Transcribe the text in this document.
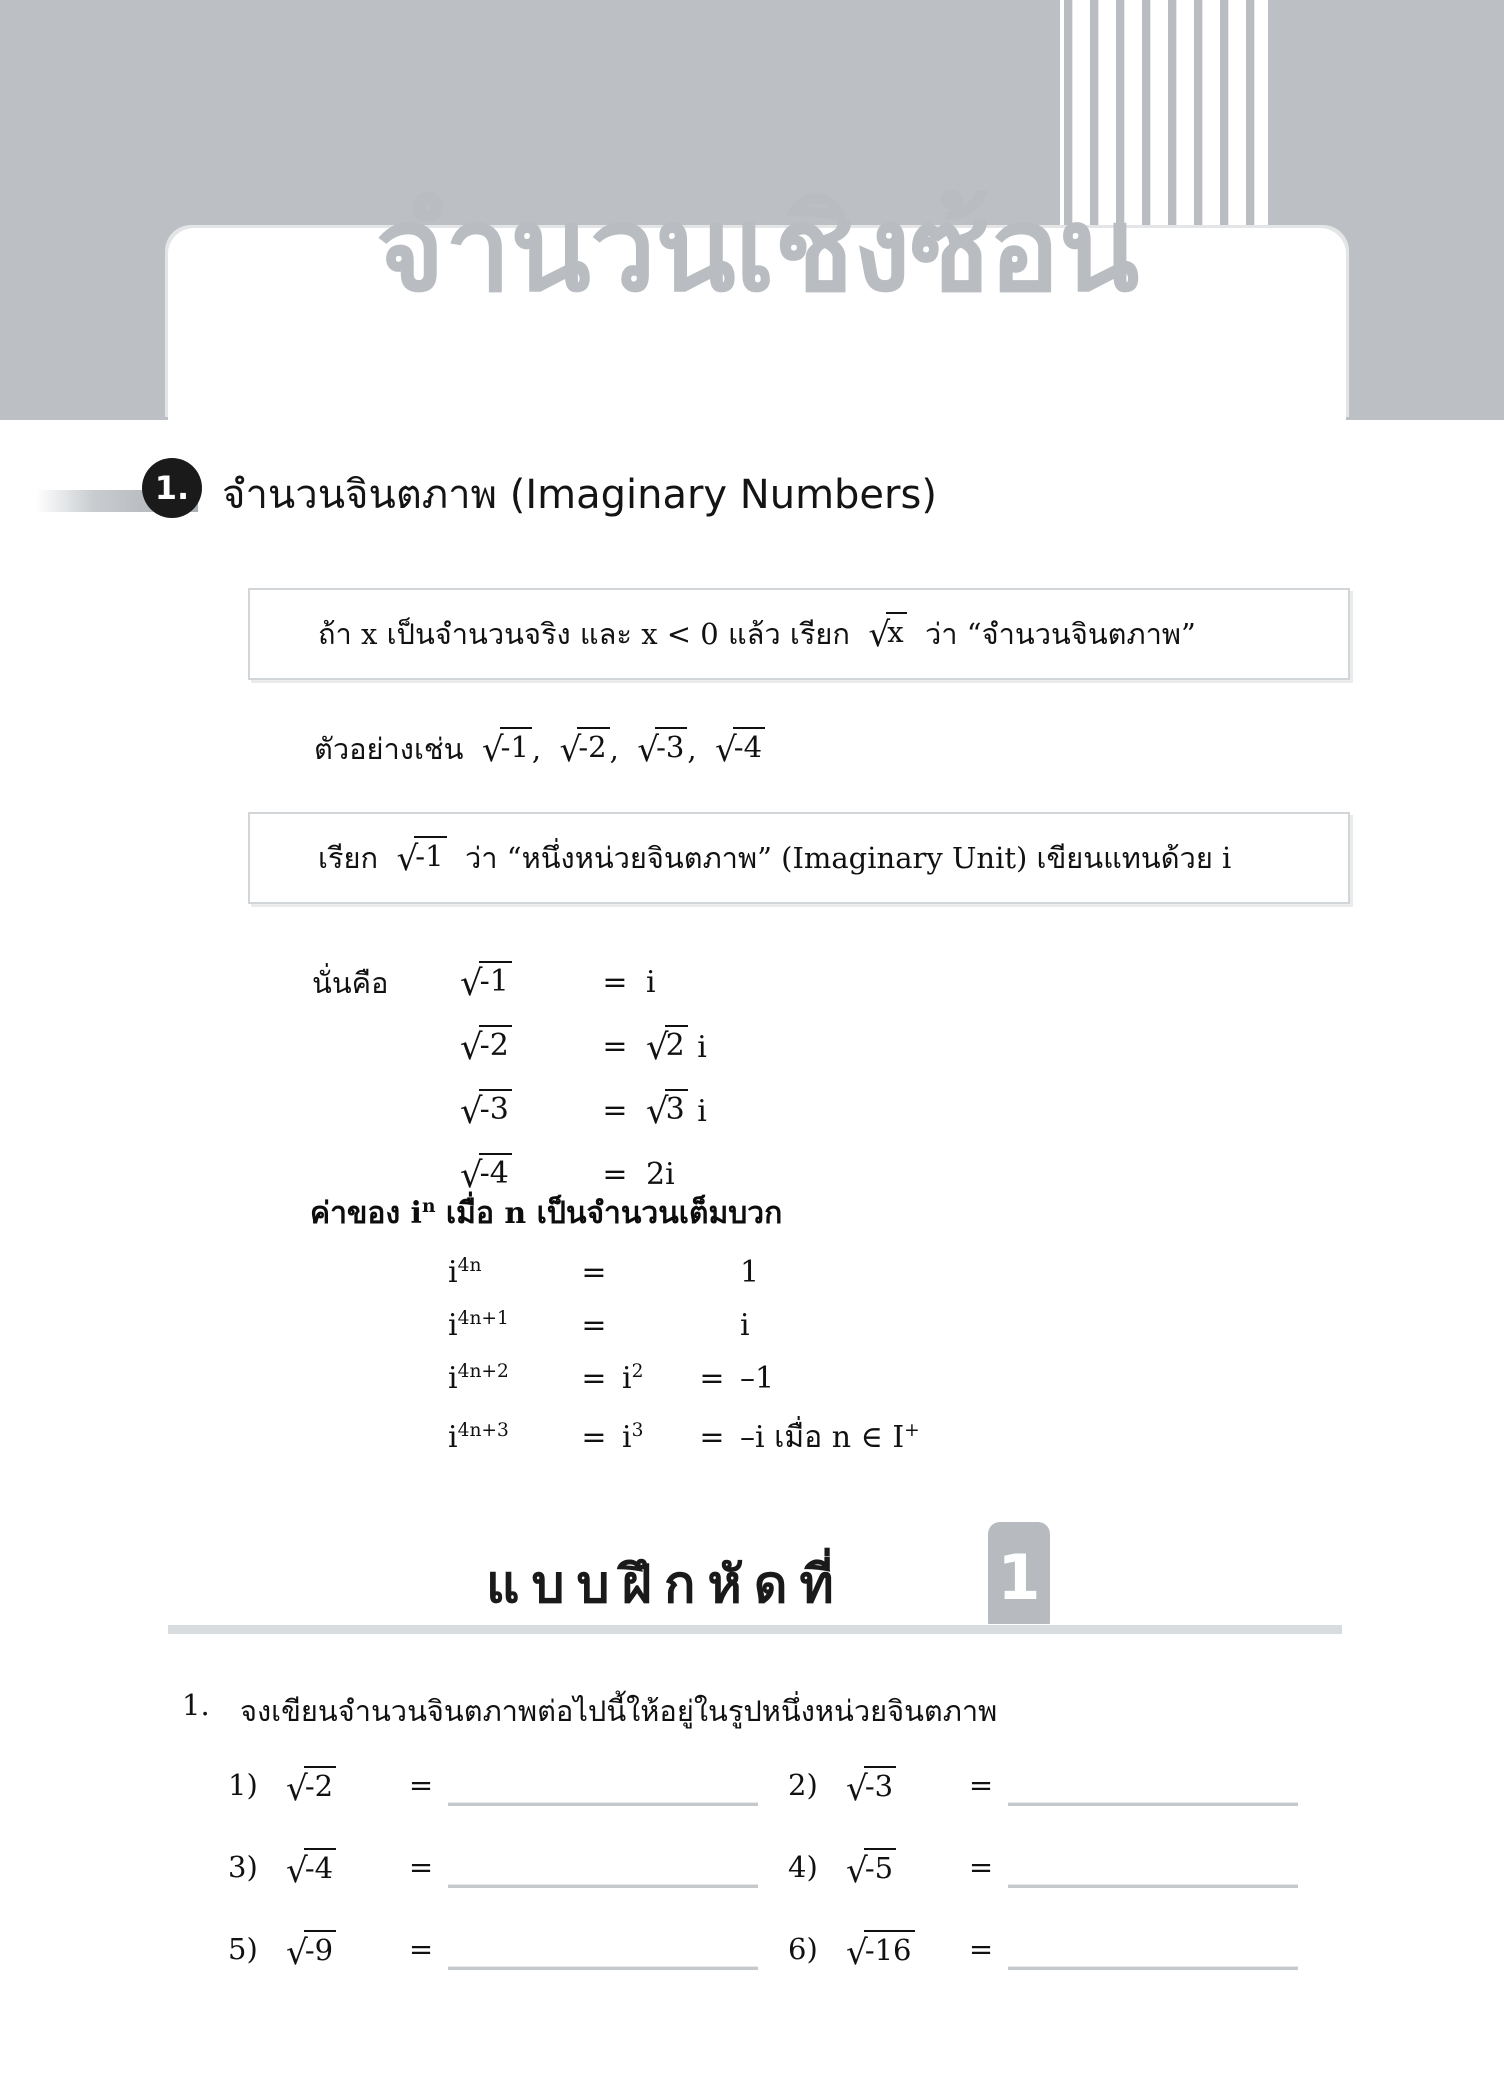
จำนวนเชิงซ้อน
1. จำนวนจินตภาพ (Imaginary Numbers)
ถ้า x เป็นจำนวนจริง และ x < 0 แล้ว เรียก √x ว่า “จำนวนจินตภาพ”
ตัวอย่างเช่น √-1 , √-2 , √-3 , √-4
เรียก √-1 ว่า “หนึ่งหน่วยจินตภาพ” (Imaginary Unit) เขียนแทนด้วย i
นั่นคือ √-1	=	i
√-2	=	√2 i
√-3	=	√3 i
√-4	=	2i
ค่าของ $i^n$ เมื่อ n เป็นจำนวนเต็มบวก
$i^{4n}$	=			1
$i^{4n+1}$	=			i
$i^{4n+2}$	=	$i^2$	=	–1
$i^{4n+3}$	=	$i^3$	=	–i เมื่อ n ∈ I+
แบบฝึกหัดที่ 1
1. จงเขียนจำนวนจินตภาพต่อไปนี้ให้อยู่ในรูปหนึ่งหน่วยจินตภาพ
1) √-2	=	2) √-3	=
3) √-4	=	4) √-5	=
5) √-9	=	6) √-16	=
